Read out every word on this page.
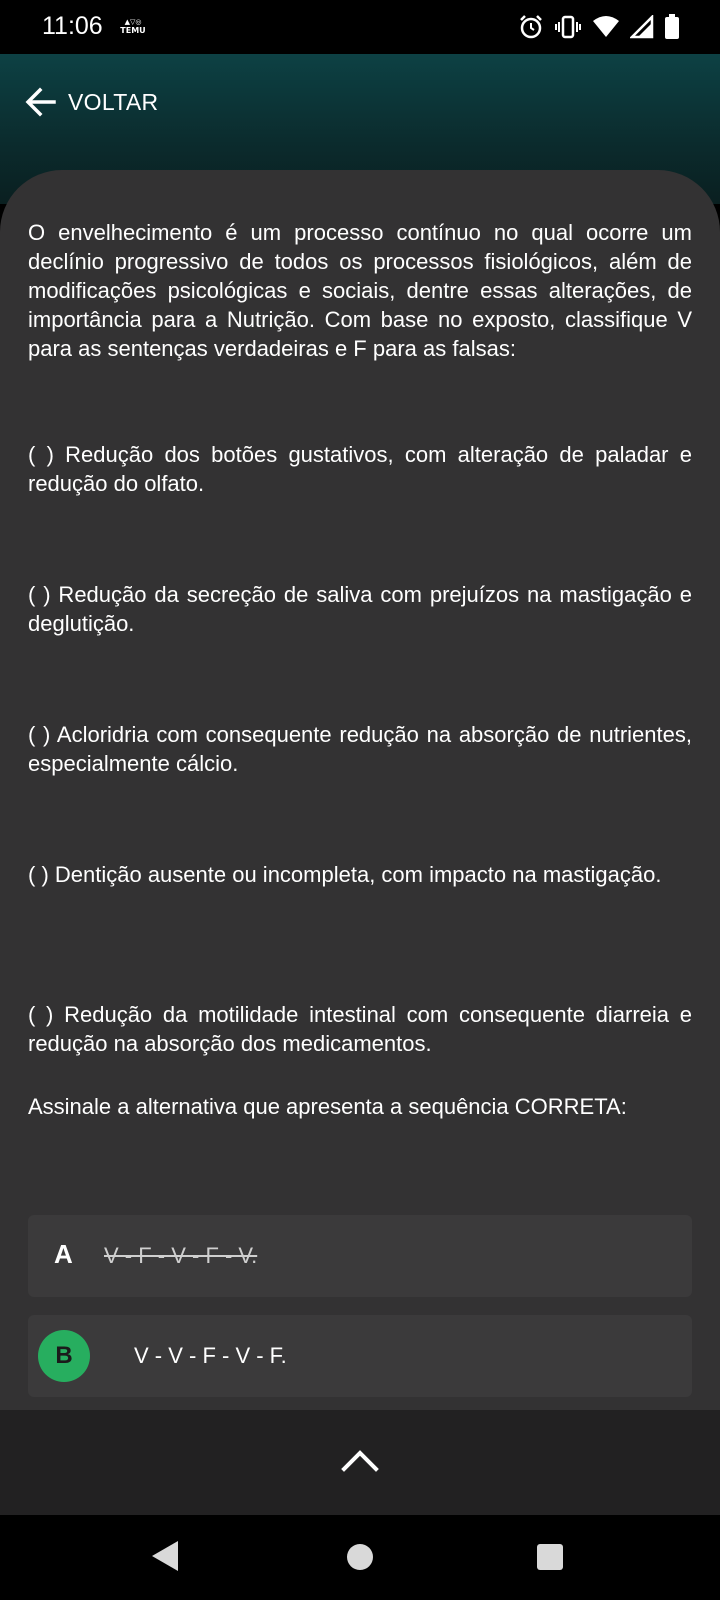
11:06	▲▽◎
TEMU
VOLTAR

O envelhecimento é um processo contínuo no qual ocorre um declínio progressivo de todos os processos fisiológicos, além de modificações psicológicas e sociais, dentre essas alterações, de importância para a Nutrição. Com base no exposto, classifique V para as sentenças verdadeiras e F para as falsas:

( ) Redução dos botões gustativos, com alteração de paladar e redução do olfato.

( ) Redução da secreção de saliva com prejuízos na mastigação e deglutição.

( ) Acloridria com consequente redução na absorção de nutrientes, especialmente cálcio.

( ) Dentição ausente ou incompleta, com impacto na mastigação.

( ) Redução da motilidade intestinal com consequente diarreia e redução na absorção dos medicamentos.

Assinale a alternativa que apresenta a sequência CORRETA:

A V - F - V - F - V.
B	V - V - F - V - F.
